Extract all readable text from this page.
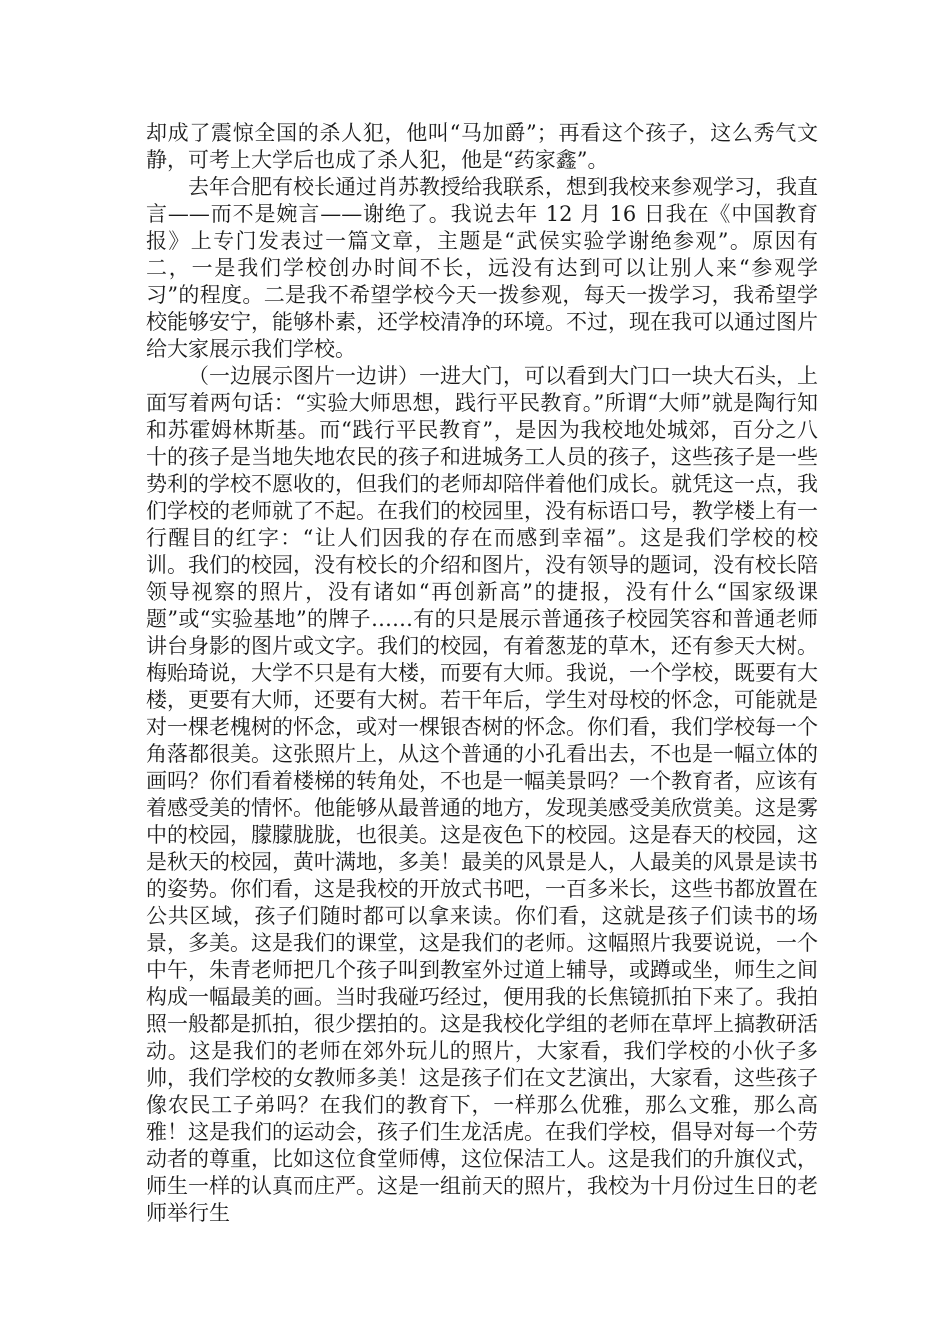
却成了震惊全国的杀人犯，他叫“马加爵”；再看这个孩子，这么秀气文静，可考上大学后也成了杀人犯，他是“药家鑫”。

去年合肥有校长通过肖苏教授给我联系，想到我校来参观学习，我直言——而不是婉言——谢绝了。我说去年 12 月 16 日我在《中国教育报》上专门发表过一篇文章，主题是“武侯实验学谢绝参观”。原因有二，一是我们学校创办时间不长，远没有达到可以让别人来“参观学习”的程度。二是我不希望学校今天一拨参观，每天一拨学习，我希望学校能够安宁，能够朴素，还学校清净的环境。不过，现在我可以通过图片给大家展示我们学校。

（一边展示图片一边讲）一进大门，可以看到大门口一块大石头，上面写着两句话：“实验大师思想，践行平民教育。”所谓“大师”就是陶行知和苏霍姆林斯基。而“践行平民教育”，是因为我校地处城郊，百分之八十的孩子是当地失地农民的孩子和进城务工人员的孩子，这些孩子是一些势利的学校不愿收的，但我们的老师却陪伴着他们成长。就凭这一点，我们学校的老师就了不起。在我们的校园里，没有标语口号，教学楼上有一行醒目的红字：“让人们因我的存在而感到幸福”。这是我们学校的校训。我们的校园，没有校长的介绍和图片，没有领导的题词，没有校长陪领导视察的照片，没有诸如“再创新高”的捷报，没有什么“国家级课题”或“实验基地”的牌子……有的只是展示普通孩子校园笑容和普通老师讲台身影的图片或文字。我们的校园，有着葱茏的草木，还有参天大树。梅贻琦说，大学不只是有大楼，而要有大师。我说，一个学校，既要有大楼，更要有大师，还要有大树。若干年后，学生对母校的怀念，可能就是对一棵老槐树的怀念，或对一棵银杏树的怀念。你们看，我们学校每一个角落都很美。这张照片上，从这个普通的小孔看出去，不也是一幅立体的画吗？你们看着楼梯的转角处，不也是一幅美景吗？一个教育者，应该有着感受美的情怀。他能够从最普通的地方，发现美感受美欣赏美。这是雾中的校园，朦朦胧胧，也很美。这是夜色下的校园。这是春天的校园，这是秋天的校园，黄叶满地，多美！最美的风景是人，人最美的风景是读书的姿势。你们看，这是我校的开放式书吧，一百多米长，这些书都放置在公共区域，孩子们随时都可以拿来读。你们看，这就是孩子们读书的场景，多美。这是我们的课堂，这是我们的老师。这幅照片我要说说，一个中午，朱青老师把几个孩子叫到教室外过道上辅导，或蹲或坐，师生之间构成一幅最美的画。当时我碰巧经过，便用我的长焦镜抓拍下来了。我拍照一般都是抓拍，很少摆拍的。这是我校化学组的老师在草坪上搞教研活动。这是我们的老师在郊外玩儿的照片，大家看，我们学校的小伙子多帅，我们学校的女教师多美！这是孩子们在文艺演出，大家看，这些孩子像农民工子弟吗？在我们的教育下，一样那么优雅，那么文雅，那么高雅！这是我们的运动会，孩子们生龙活虎。在我们学校，倡导对每一个劳动者的尊重，比如这位食堂师傅，这位保洁工人。这是我们的升旗仪式，师生一样的认真而庄严。这是一组前天的照片，我校为十月份过生日的老师举行生
